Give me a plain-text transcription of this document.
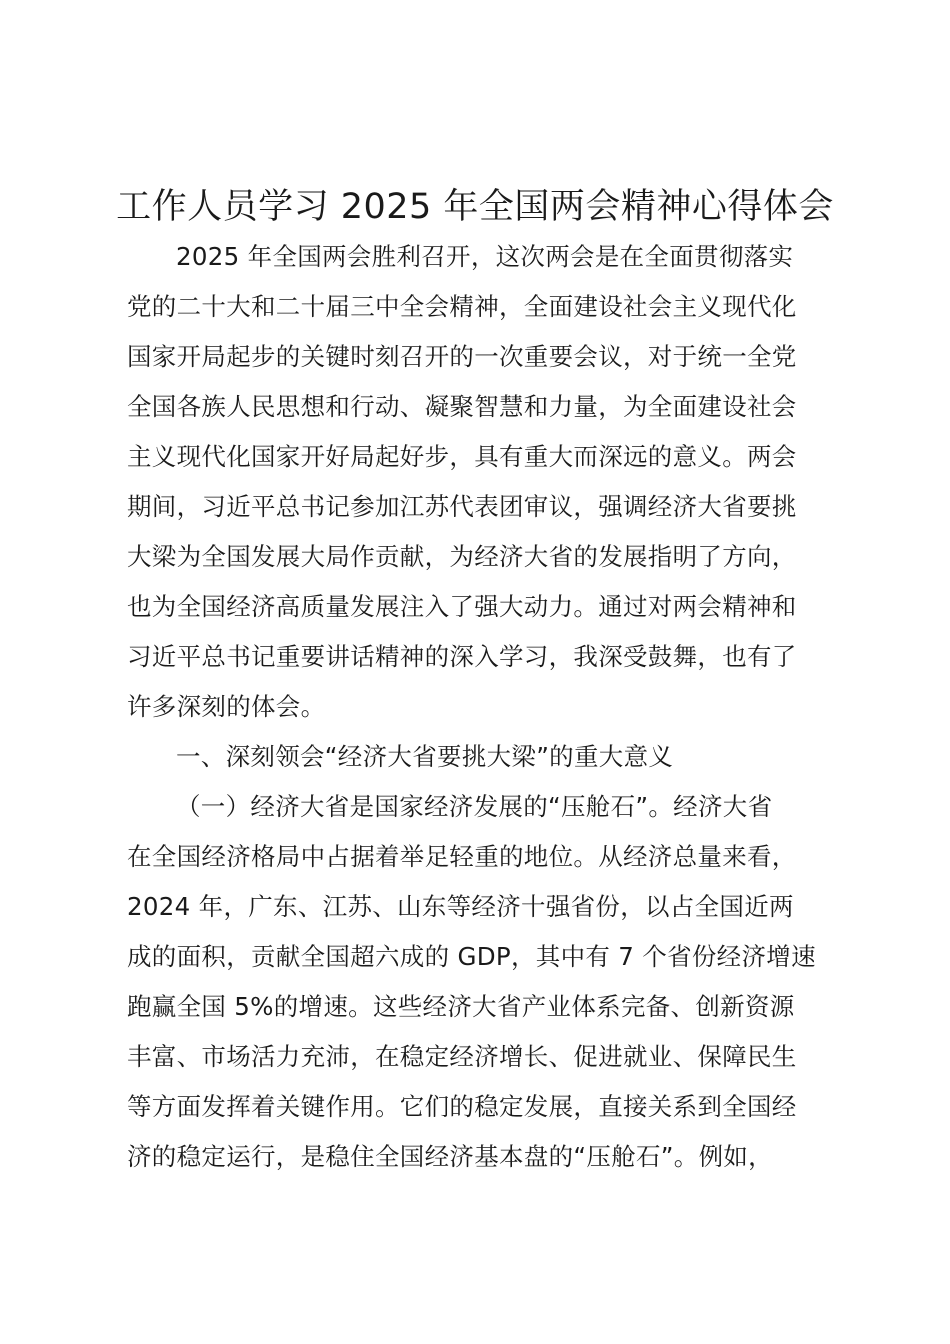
工作人员学习 2025 年全国两会精神心得体会
2025 年全国两会胜利召开，这次两会是在全面贯彻落实
党的二十大和二十届三中全会精神，全面建设社会主义现代化
国家开局起步的关键时刻召开的一次重要会议，对于统一全党
全国各族人民思想和行动、凝聚智慧和力量，为全面建设社会
主义现代化国家开好局起好步，具有重大而深远的意义。两会
期间，习近平总书记参加江苏代表团审议，强调经济大省要挑
大梁为全国发展大局作贡献，为经济大省的发展指明了方向，
也为全国经济高质量发展注入了强大动力。通过对两会精神和
习近平总书记重要讲话精神的深入学习，我深受鼓舞，也有了
许多深刻的体会。
一、深刻领会“经济大省要挑大梁”的重大意义
（一）经济大省是国家经济发展的“压舱石”。经济大省
在全国经济格局中占据着举足轻重的地位。从经济总量来看，
2024 年，广东、江苏、山东等经济十强省份，以占全国近两
成的面积，贡献全国超六成的 GDP，其中有 7 个省份经济增速
跑赢全国 5%的增速。这些经济大省产业体系完备、创新资源
丰富、市场活力充沛，在稳定经济增长、促进就业、保障民生
等方面发挥着关键作用。它们的稳定发展，直接关系到全国经
济的稳定运行，是稳住全国经济基本盘的“压舱石”。例如，
